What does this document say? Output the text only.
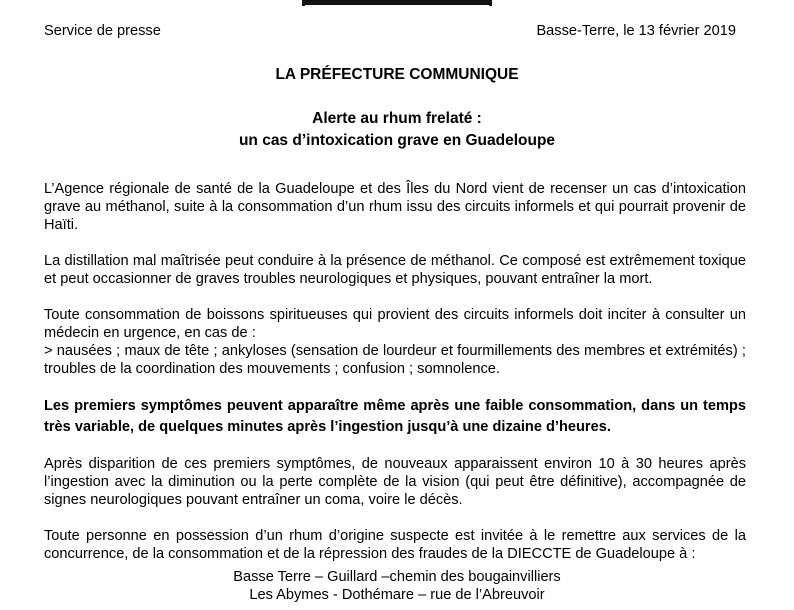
Service de presse	Basse-Terre, le 13 février 2019
LA PRÉFECTURE COMMUNIQUE
Alerte au rhum frelaté :
un cas d’intoxication grave en Guadeloupe

L’Agence régionale de santé de la Guadeloupe et des Îles du Nord vient de recenser un cas d’intoxication grave au méthanol, suite à la consommation d’un rhum issu des circuits informels et qui pourrait provenir de Haïti.

La distillation mal maîtrisée peut conduire à la présence de méthanol. Ce composé est extrêmement toxique et peut occasionner de graves troubles neurologiques et physiques, pouvant entraîner la mort.

Toute consommation de boissons spiritueuses qui provient des circuits informels doit inciter à consulter un médecin en urgence, en cas de :
> nausées ; maux de tête ; ankyloses (sensation de lourdeur et fourmillements des membres et extrémités) ; troubles de la coordination des mouvements ; confusion ; somnolence.

Les premiers symptômes peuvent apparaître même après une faible consommation, dans un temps très variable, de quelques minutes après l’ingestion jusqu’à une dizaine d’heures.

Après disparition de ces premiers symptômes, de nouveaux apparaissent environ 10 à 30 heures après l’ingestion avec la diminution ou la perte complète de la vision (qui peut être définitive), accompagnée de signes neurologiques pouvant entraîner un coma, voire le décès.

Toute personne en possession d’un rhum d’origine suspecte est invitée à le remettre aux services de la concurrence, de la consommation et de la répression des fraudes de la DIECCTE de Guadeloupe à :

Basse Terre – Guillard –chemin des bougainvilliers
Les Abymes - Dothémare – rue de l’Abreuvoir
